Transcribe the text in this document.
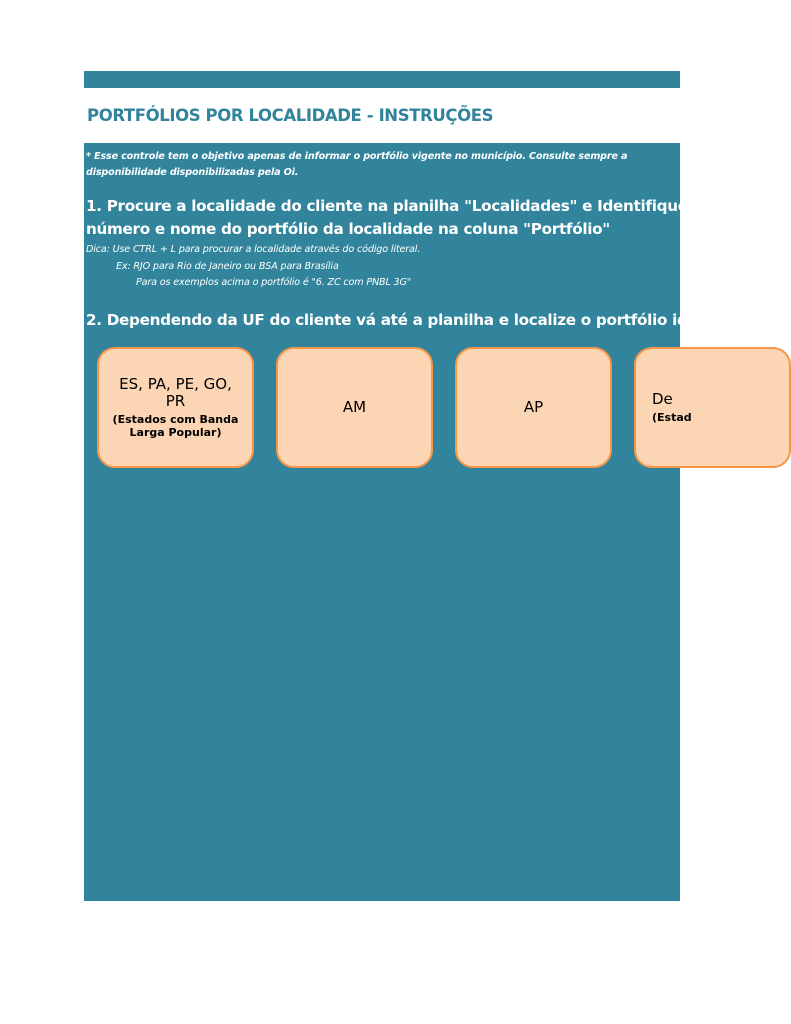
PORTFÓLIOS POR LOCALIDADE - INSTRUÇÕES

* Esse controle tem o objetivo apenas de informar o portfólio vigente no município. Consulte sempre a disponibilidade disponibilizadas pela Oi.

1. Procure a localidade do cliente na planilha "Localidades" e Identifique o
número e nome do portfólio da localidade na coluna "Portfólio"

Dica: Use CTRL + L para procurar a localidade através do código literal.

Ex: RJO para Rio de Janeiro ou BSA para Brasília

Para os exemplos acima o portfólio é "6. ZC com PNBL 3G"

2. Dependendo da UF do cliente vá até a planilha e localize o portfólio identif
ES, PA, PE, GO, PR
(Estados com Banda Larga Popular)
AM	AP	De
(Estad
